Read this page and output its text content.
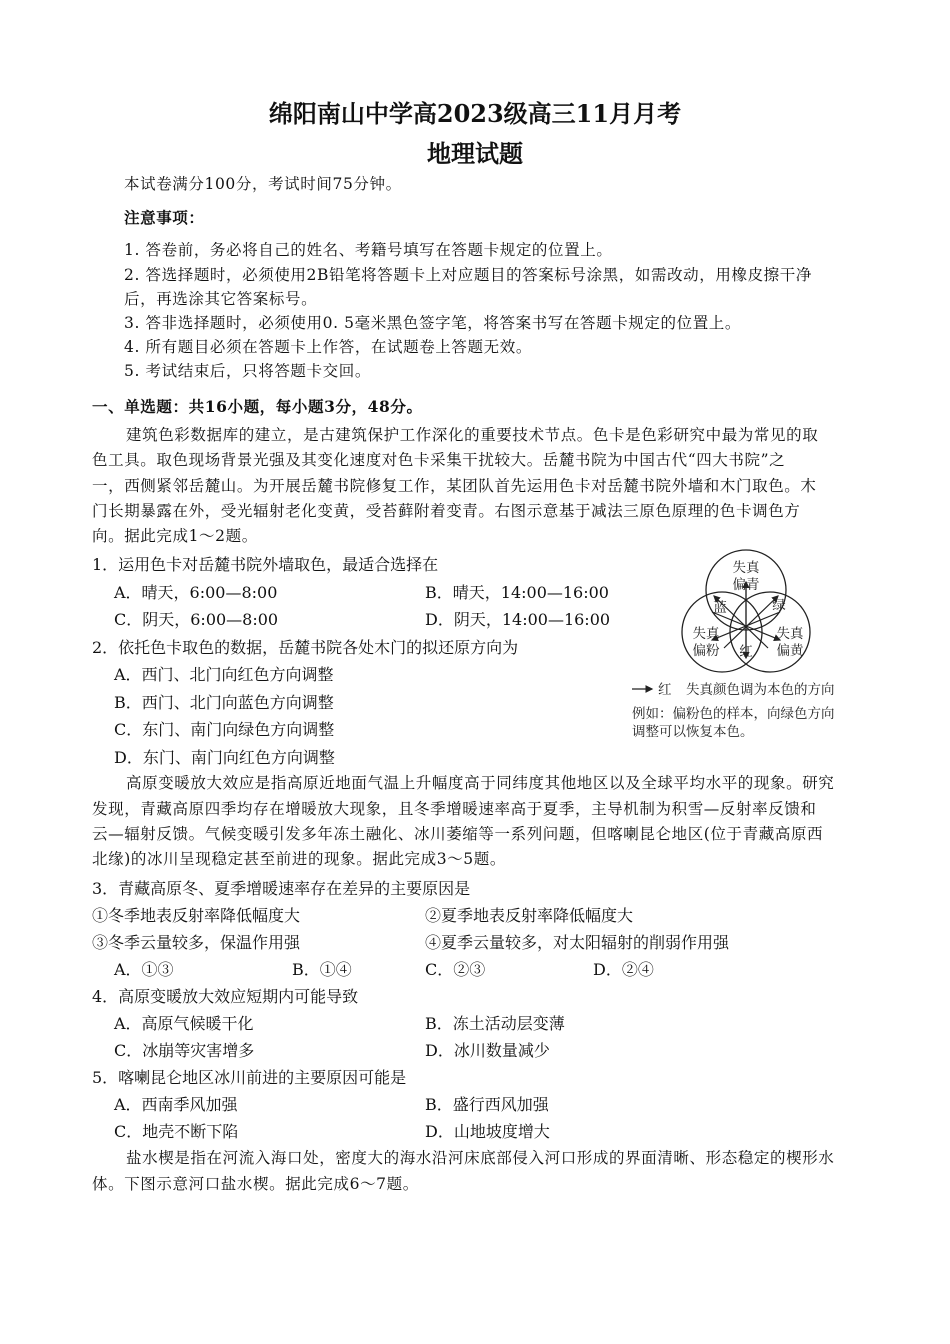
绵阳南山中学高2023级高三11月月考
地理试题
本试卷满分100分，考试时间75分钟。
注意事项：
1. 答卷前，务必将自己的姓名、考籍号填写在答题卡规定的位置上。
2. 答选择题时，必须使用2B铅笔将答题卡上对应题目的答案标号涂黑，如需改动，用橡皮擦干净
后，再选涂其它答案标号。
3. 答非选择题时，必须使用0. 5毫米黑色签字笔，将答案书写在答题卡规定的位置上。
4. 所有题目必须在答题卡上作答，在试题卷上答题无效。
5. 考试结束后，只将答题卡交回。
一、单选题：共16小题，每小题3分，48分。
建筑色彩数据库的建立，是古建筑保护工作深化的重要技术节点。色卡是色彩研究中最为常见的取
色工具。取色现场背景光强及其变化速度对色卡采集干扰较大。岳麓书院为中国古代“四大书院”之
一，西侧紧邻岳麓山。为开展岳麓书院修复工作，某团队首先运用色卡对岳麓书院外墙和木门取色。木
门长期暴露在外，受光辐射老化变黄，受苔藓附着变青。右图示意基于减法三原色原理的色卡调色方
向。据此完成1～2题。
1．运用色卡对岳麓书院外墙取色，最适合选择在
A．晴天，6:00—8:00	B．晴天，14:00—16:00
C．阴天，6:00—8:00	D．阴天，14:00—16:00
2．依托色卡取色的数据，岳麓书院各处木门的拟还原方向为
A．西门、北门向红色方向调整
B．西门、北门向蓝色方向调整
C．东门、南门向绿色方向调整
D．东门、南门向红色方向调整
失真
偏青
失真
偏粉
失真
偏黄
蓝	绿
红
红 失真颜色调为本色的方向
例如：偏粉色的样本，向绿色方向
调整可以恢复本色。
高原变暖放大效应是指高原近地面气温上升幅度高于同纬度其他地区以及全球平均水平的现象。研究
发现，青藏高原四季均存在增暖放大现象，且冬季增暖速率高于夏季，主导机制为积雪—反射率反馈和
云—辐射反馈。气候变暖引发多年冻土融化、冰川萎缩等一系列问题，但喀喇昆仑地区(位于青藏高原西
北缘)的冰川呈现稳定甚至前进的现象。据此完成3～5题。
3．青藏高原冬、夏季增暖速率存在差异的主要原因是
①冬季地表反射率降低幅度大	②夏季地表反射率降低幅度大
③冬季云量较多，保温作用强	④夏季云量较多，对太阳辐射的削弱作用强
A．①③	B．①④	C．②③	D．②④
4．高原变暖放大效应短期内可能导致
A．高原气候暖干化	B．冻土活动层变薄
C．冰崩等灾害增多	D．冰川数量减少
5．喀喇昆仑地区冰川前进的主要原因可能是
A．西南季风加强	B．盛行西风加强
C．地壳不断下陷	D．山地坡度增大
盐水楔是指在河流入海口处，密度大的海水沿河床底部侵入河口形成的界面清晰、形态稳定的楔形水
体。下图示意河口盐水楔。据此完成6～7题。
